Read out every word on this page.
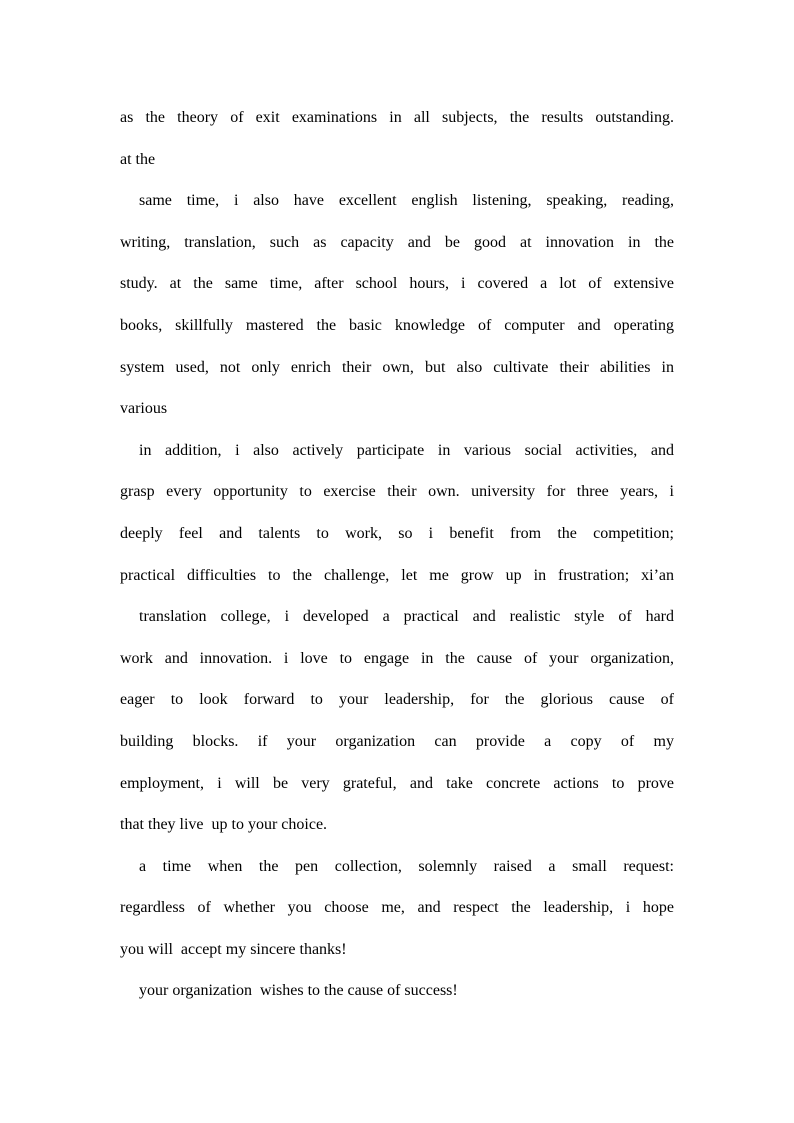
as the theory of exit examinations in all subjects, the results outstanding.
at the
same time, i also have excellent english listening, speaking, reading,
writing, translation, such as capacity and be good at innovation in the
study. at the same time, after school hours, i covered a lot of extensive
books, skillfully mastered the basic knowledge of computer and operating
system used, not only enrich their own, but also cultivate their abilities in
various
in addition, i also actively participate in various social activities, and
grasp every opportunity to exercise their own. university for three years, i
deeply feel and talents to work, so i benefit from the competition;
practical difficulties to the challenge, let me grow up in frustration; xi’an
translation college, i developed a practical and realistic style of hard
work and innovation. i love to engage in the cause of your organization,
eager to look forward to your leadership, for the glorious cause of
building blocks. if your organization can provide a copy of my
employment, i will be very grateful, and take concrete actions to prove
that they live  up to your choice.
a time when the pen collection, solemnly raised a small request:
regardless of whether you choose me, and respect the leadership, i hope
you will  accept my sincere thanks!
your organization  wishes to the cause of success!
